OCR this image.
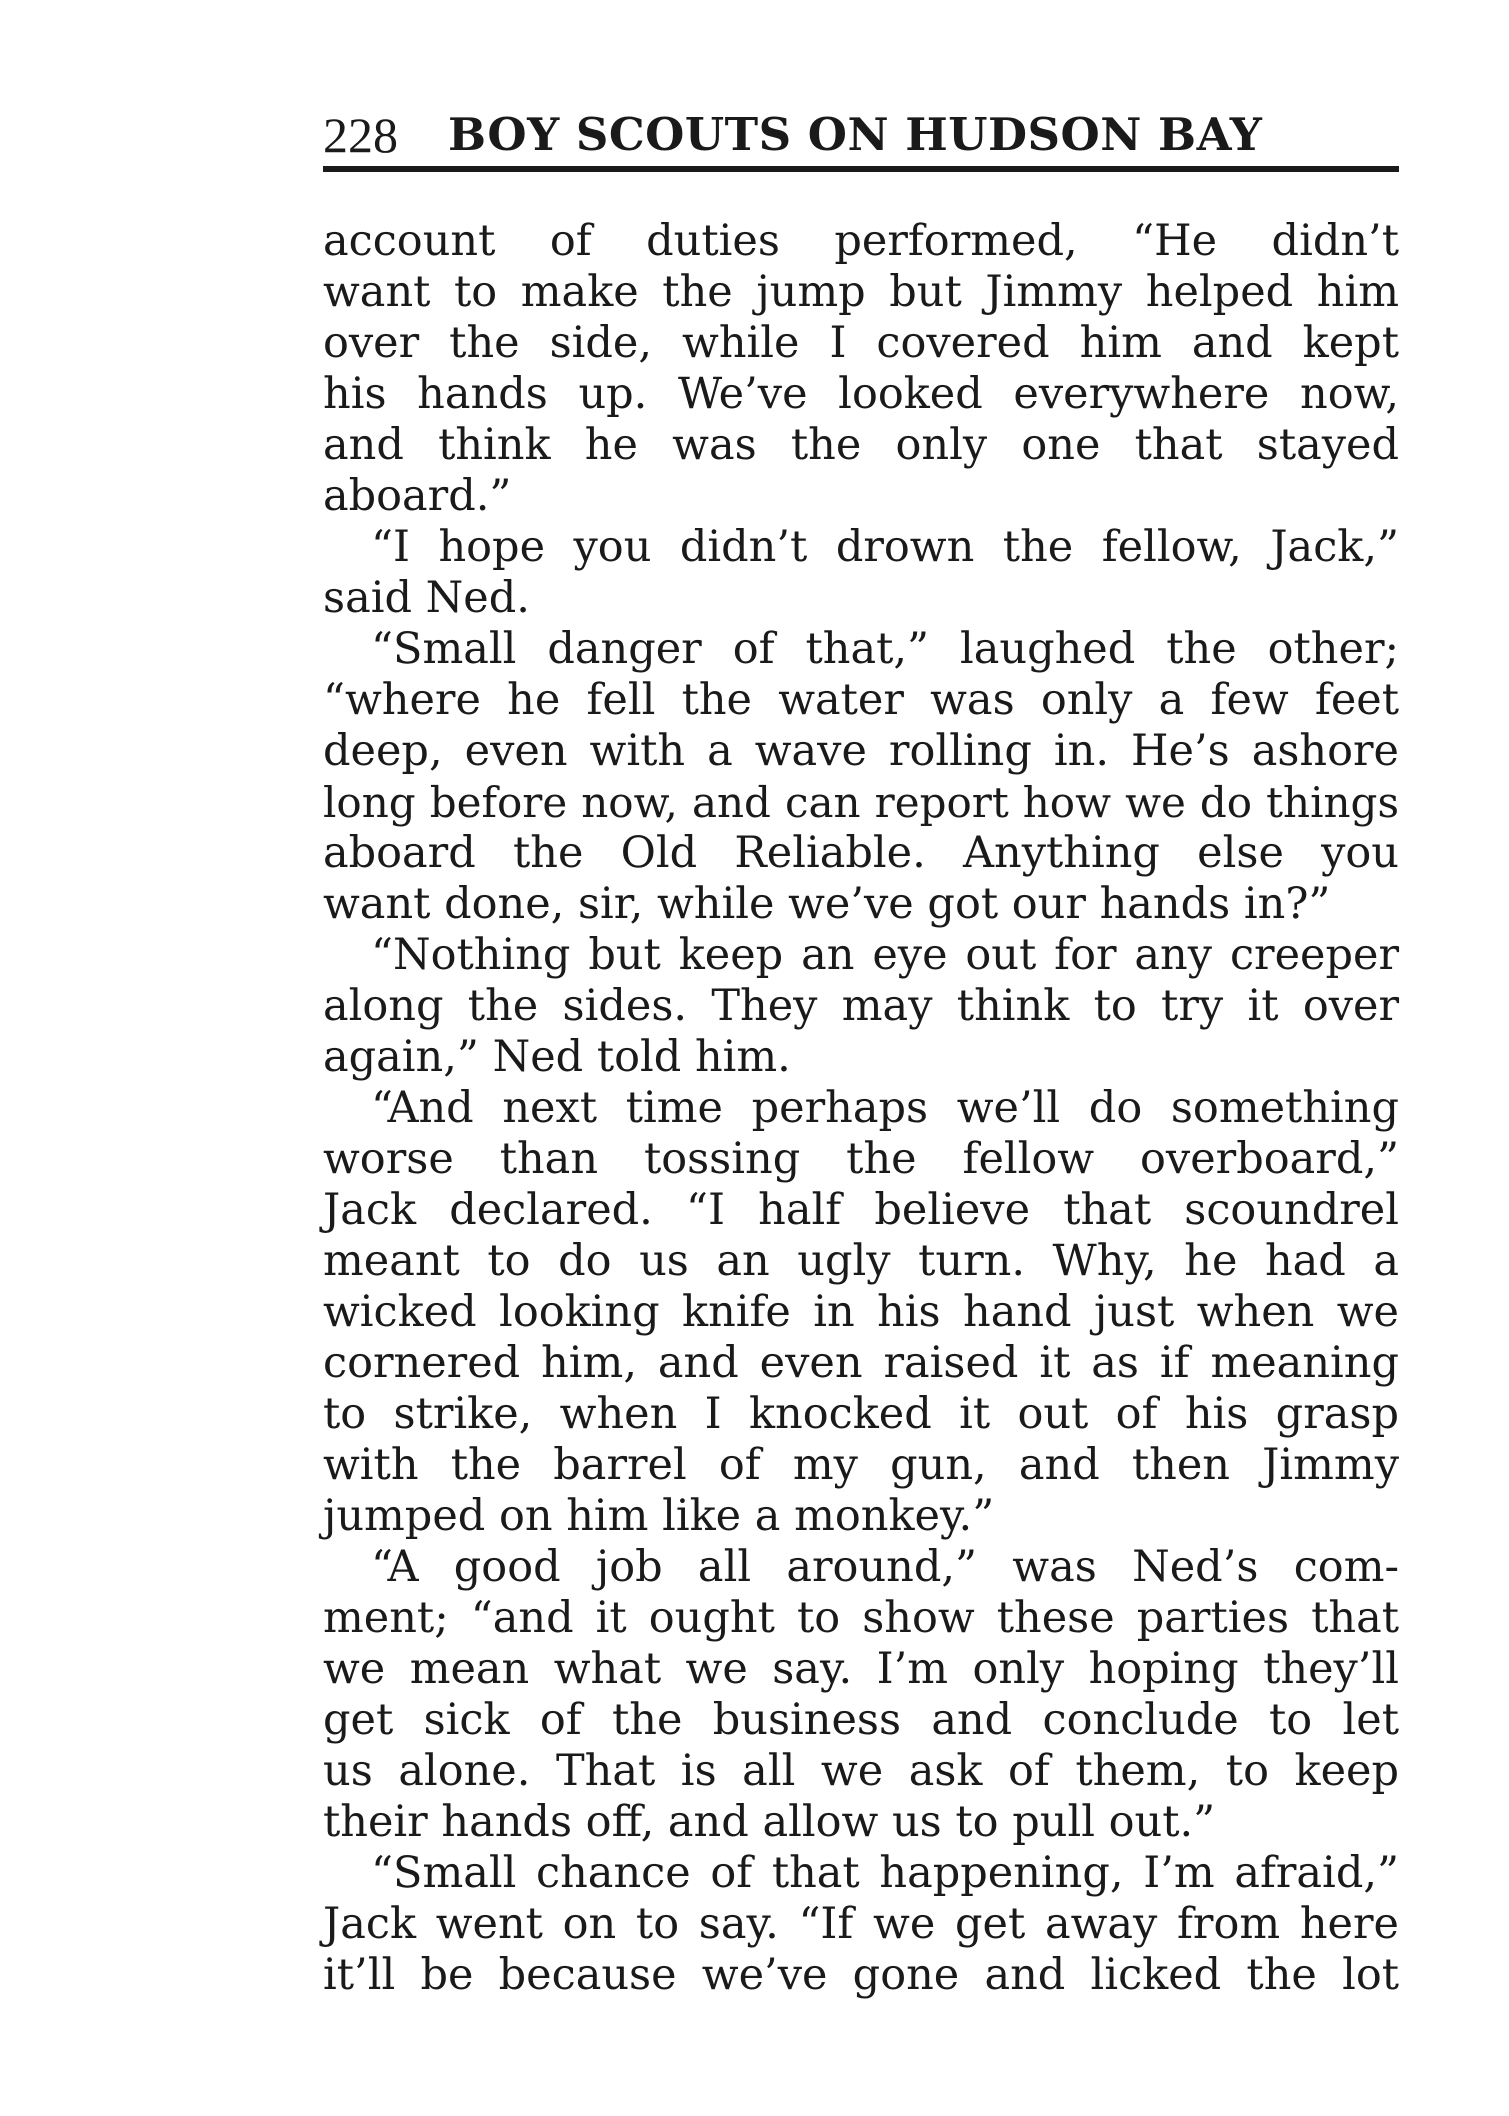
228 BOY SCOUTS ON HUDSON BAY
account of duties performed, “He didn’t
want to make the jump but Jimmy helped him
over the side, while I covered him and kept
his hands up. We’ve looked everywhere now,
and think he was the only one that stayed
aboard.”
“I hope you didn’t drown the fellow, Jack,”
said Ned.
“Small danger of that,” laughed the other;
“where he fell the water was only a few feet
deep, even with a wave rolling in. He’s ashore
long before now, and can report how we do things
aboard the Old Reliable. Anything else you
want done, sir, while we’ve got our hands in?”
“Nothing but keep an eye out for any creeper
along the sides. They may think to try it over
again,” Ned told him.
“And next time perhaps we’ll do something
worse than tossing the fellow overboard,”
Jack declared. “I half believe that scoundrel
meant to do us an ugly turn. Why, he had a
wicked looking knife in his hand just when we
cornered him, and even raised it as if meaning
to strike, when I knocked it out of his grasp
with the barrel of my gun, and then Jimmy
jumped on him like a monkey.”
“A good job all around,” was Ned’s com-
ment; “and it ought to show these parties that
we mean what we say. I’m only hoping they’ll
get sick of the business and conclude to let
us alone. That is all we ask of them, to keep
their hands off, and allow us to pull out.”
“Small chance of that happening, I’m afraid,”
Jack went on to say. “If we get away from here
it’ll be because we’ve gone and licked the lot
